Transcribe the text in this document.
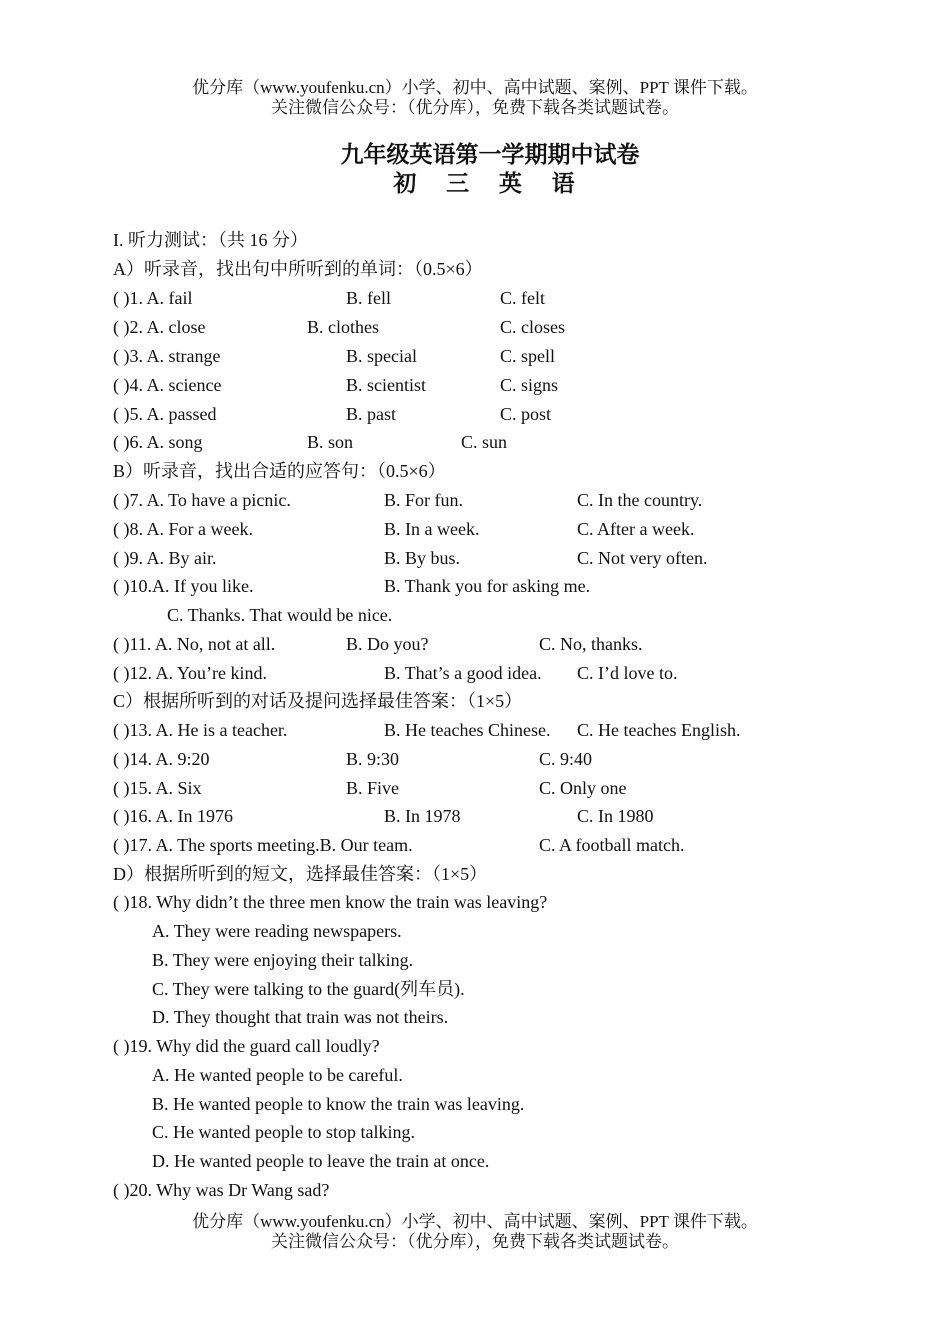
优分库（www.youfenku.cn）小学、初中、高中试题、案例、PPT 课件下载。
关注微信公众号：（优分库），免费下载各类试题试卷。
九年级英语第一学期期中试卷
初 三 英 语
I. 听力测试：（共 16 分）
A）听录音，找出句中所听到的单词：（0.5×6）
( )1. A. fail	B. fell	C. felt
( )2. A. close	B. clothes	C. closes
( )3. A. strange	B. special	C. spell
( )4. A. science	B. scientist	C. signs
( )5. A. passed	B. past	C. post
( )6. A. song	B. son	C. sun
B）听录音，找出合适的应答句：（0.5×6）
( )7. A. To have a picnic.	B. For fun.	C. In the country.
( )8. A. For a week.	B. In a week.	C. After a week.
( )9. A. By air.	B. By bus.	C. Not very often.
( )10.A. If you like.	B. Thank you for asking me.
C. Thanks. That would be nice.
( )11. A. No, not at all.	B. Do you?	C. No, thanks.
( )12. A. You’re kind.	B. That’s a good idea. C. I’d love to.
C）根据所听到的对话及提问选择最佳答案：（1×5）
( )13. A. He is a teacher.	B. He teaches Chinese. C. He teaches English.
( )14. A. 9:20	B. 9:30	C. 9:40
( )15. A. Six	B. Five	C. Only one
( )16. A. In 1976	B. In 1978	C. In 1980
( )17. A. The sports meeting.B. Our team.	C. A football match.
D）根据所听到的短文，选择最佳答案：（1×5）
( )18. Why didn’t the three men know the train was leaving?
A. They were reading newspapers.
B. They were enjoying their talking.
C. They were talking to the guard(列车员).
D. They thought that train was not theirs.
( )19. Why did the guard call loudly?
A. He wanted people to be careful.
B. He wanted people to know the train was leaving.
C. He wanted people to stop talking.
D. He wanted people to leave the train at once.
( )20. Why was Dr Wang sad?
优分库（www.youfenku.cn）小学、初中、高中试题、案例、PPT 课件下载。
关注微信公众号：（优分库），免费下载各类试题试卷。
